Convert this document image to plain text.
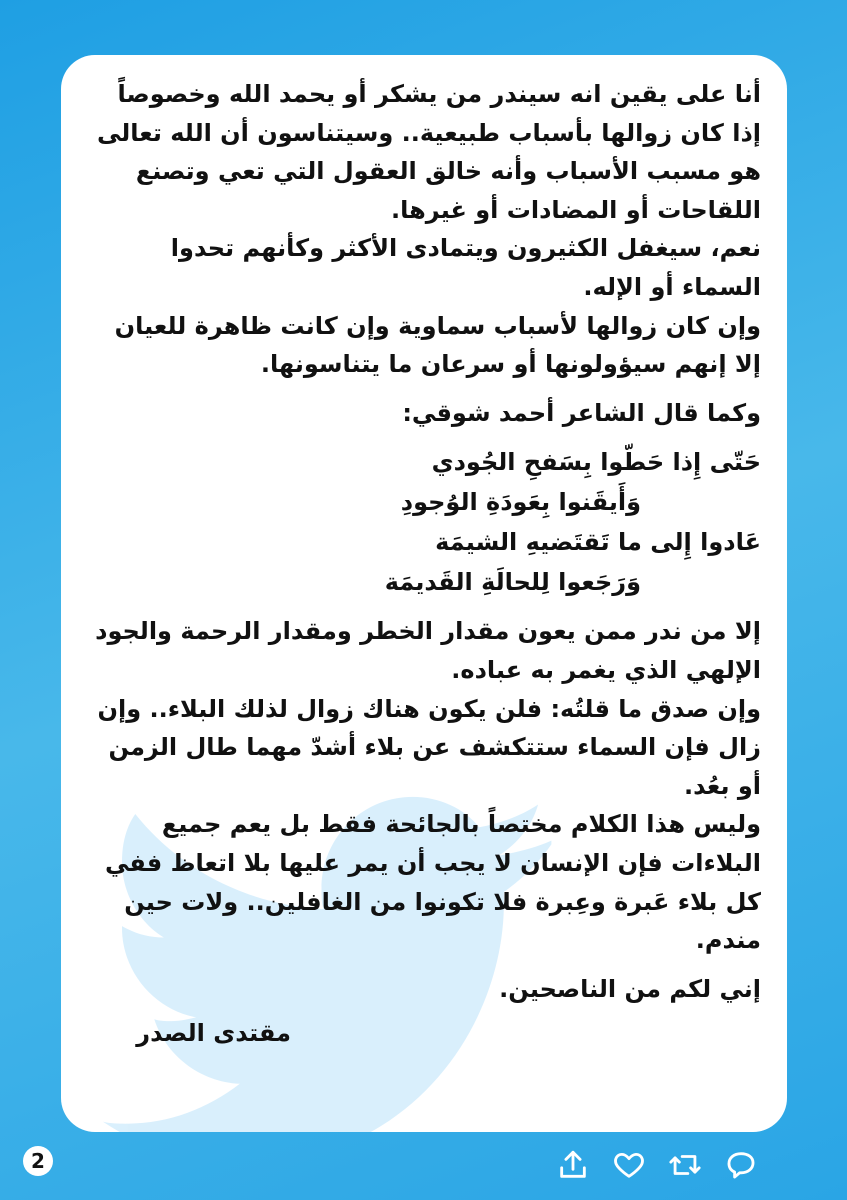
أنا على يقين انه سيندر من يشكر أو يحمد الله وخصوصاً إذا كان زوالها بأسباب طبيعية.. وسيتناسون أن الله تعالى هو مسبب الأسباب وأنه خالق العقول التي تعي وتصنع اللقاحات أو المضادات أو غيرها.

نعم، سيغفل الكثيرون ويتمادى الأكثر وكأنهم تحدوا السماء أو الإله.

وإن كان زوالها لأسباب سماوية وإن كانت ظاهرة للعيان إلا إنهم سيؤولونها أو سرعان ما يتناسونها.

وكما قال الشاعر أحمد شوقي:

حَتّى إِذا حَطّوا بِسَفحِ الجُودي
وَأَيقَنوا بِعَودَةِ الوُجودِ
عَادوا إِلى ما تَقتَضيهِ الشيمَة
وَرَجَعوا لِلحالَةِ القَديمَة

إلا من ندر ممن يعون مقدار الخطر ومقدار الرحمة والجود الإلهي الذي يغمر به عباده.

وإن صدق ما قلتُه: فلن يكون هناك زوال لذلك البلاء.. وإن زال فإن السماء ستتكشف عن بلاء أشدّ مهما طال الزمن أو بعُد.

وليس هذا الكلام مختصاً بالجائحة فقط بل يعم جميع البلاءات فإن الإنسان لا يجب أن يمر عليها بلا اتعاظ ففي كل بلاء عَبرة وعِبرة فلا تكونوا من الغافلين.. ولات حين مندم.

إني لكم من الناصحين.

مقتدى الصدر
2
